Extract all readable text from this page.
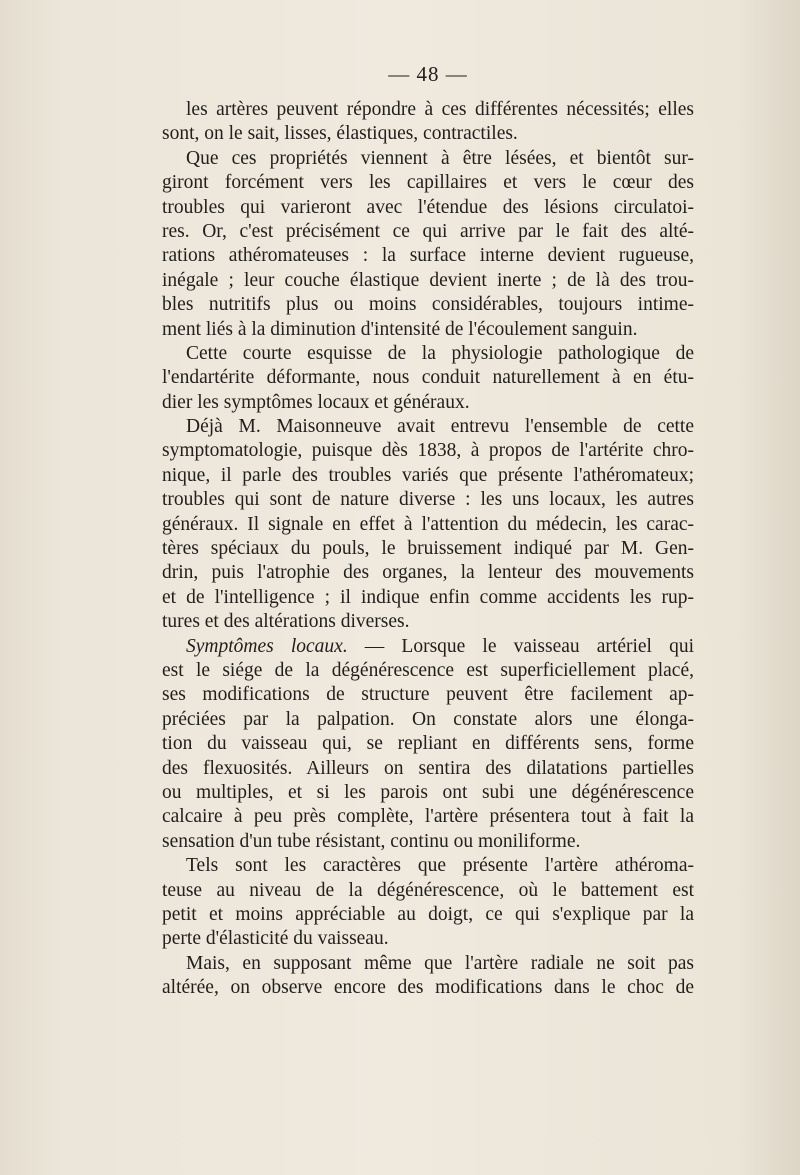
— 48 —
les artères peuvent répondre à ces différentes nécessités; elles
sont, on le sait, lisses, élastiques, contractiles.
Que ces propriétés viennent à être lésées, et bientôt sur-
giront forcément vers les capillaires et vers le cœur des
troubles qui varieront avec l'étendue des lésions circulatoi-
res. Or, c'est précisément ce qui arrive par le fait des alté-
rations athéromateuses : la surface interne devient rugueuse,
inégale ; leur couche élastique devient inerte ; de là des trou-
bles nutritifs plus ou moins considérables, toujours intime-
ment liés à la diminution d'intensité de l'écoulement sanguin.
Cette courte esquisse de la physiologie pathologique de
l'endartérite déformante, nous conduit naturellement à en étu-
dier les symptômes locaux et généraux.
Déjà M. Maisonneuve avait entrevu l'ensemble de cette
symptomatologie, puisque dès 1838, à propos de l'artérite chro-
nique, il parle des troubles variés que présente l'athéromateux;
troubles qui sont de nature diverse : les uns locaux, les autres
généraux. Il signale en effet à l'attention du médecin, les carac-
tères spéciaux du pouls, le bruissement indiqué par M. Gen-
drin, puis l'atrophie des organes, la lenteur des mouvements
et de l'intelligence ; il indique enfin comme accidents les rup-
tures et des altérations diverses.
Symptômes locaux. — Lorsque le vaisseau artériel qui
est le siége de la dégénérescence est superficiellement placé,
ses modifications de structure peuvent être facilement ap-
préciées par la palpation. On constate alors une élonga-
tion du vaisseau qui, se repliant en différents sens, forme
des flexuosités. Ailleurs on sentira des dilatations partielles
ou multiples, et si les parois ont subi une dégénérescence
calcaire à peu près complète, l'artère présentera tout à fait la
sensation d'un tube résistant, continu ou moniliforme.
Tels sont les caractères que présente l'artère athéroma-
teuse au niveau de la dégénérescence, où le battement est
petit et moins appréciable au doigt, ce qui s'explique par la
perte d'élasticité du vaisseau.
Mais, en supposant même que l'artère radiale ne soit pas
altérée, on observe encore des modifications dans le choc de
